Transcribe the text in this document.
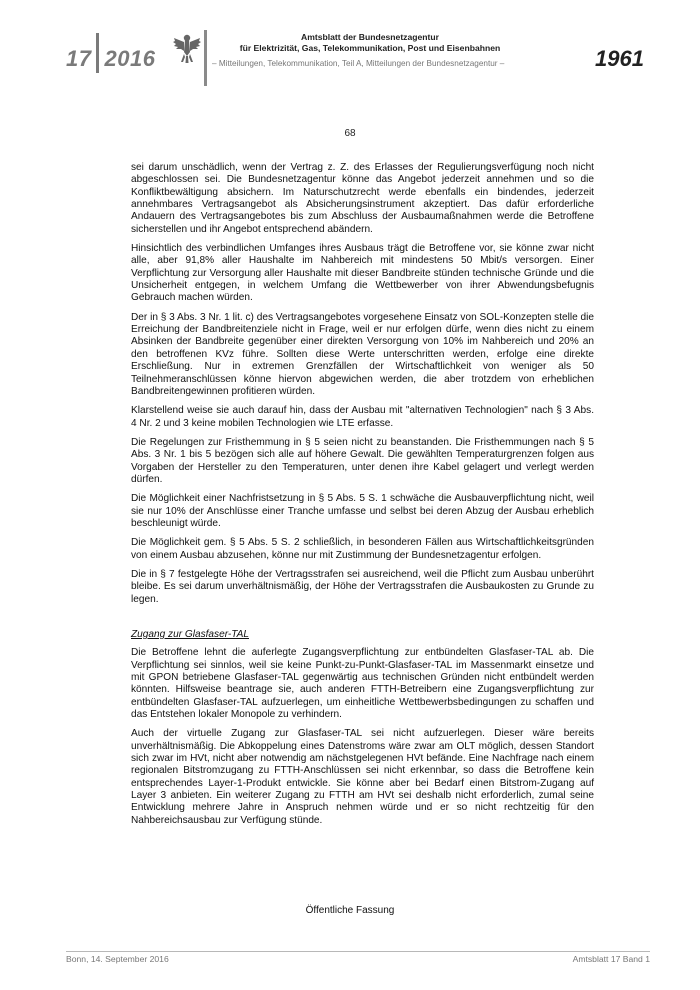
17 2016
Amtsblatt der Bundesnetzagentur
für Elektrizität, Gas, Telekommunikation, Post und Eisenbahnen
– Mitteilungen, Telekommunikation, Teil A, Mitteilungen der Bundesnetzagentur –	1961
68

sei darum unschädlich, wenn der Vertrag z. Z. des Erlasses der Regulierungsverfügung noch nicht abgeschlossen sei. Die Bundesnetzagentur könne das Angebot jederzeit annehmen und so die Konfliktbewältigung absichern. Im Naturschutzrecht werde ebenfalls ein bindendes, jederzeit annehmbares Vertragsangebot als Absicherungsinstrument akzeptiert. Das dafür erforderliche Andauern des Vertragsangebotes bis zum Abschluss der Ausbaumaßnahmen werde die Betroffene sicherstellen und ihr Angebot entsprechend abändern.

Hinsichtlich des verbindlichen Umfanges ihres Ausbaus trägt die Betroffene vor, sie könne zwar nicht alle, aber 91,8% aller Haushalte im Nahbereich mit mindestens 50 Mbit/s versorgen. Einer Verpflichtung zur Versorgung aller Haushalte mit dieser Bandbreite stünden technische Gründe und die Unsicherheit entgegen, in welchem Umfang die Wettbewerber von ihrer Abwendungsbefugnis Gebrauch machen würden.

Der in § 3 Abs. 3 Nr. 1 lit. c) des Vertragsangebotes vorgesehene Einsatz von SOL-Konzepten stelle die Erreichung der Bandbreitenziele nicht in Frage, weil er nur erfolgen dürfe, wenn dies nicht zu einem Absinken der Bandbreite gegenüber einer direkten Versorgung von 10% im Nahbereich und 20% an den betroffenen KVz führe. Sollten diese Werte unterschritten werden, erfolge eine direkte Erschließung. Nur in extremen Grenzfällen der Wirtschaftlichkeit von weniger als 50 Teilnehmeranschlüssen könne hiervon abgewichen werden, die aber trotzdem von erheblichen Bandbreitengewinnen profitieren würden.

Klarstellend weise sie auch darauf hin, dass der Ausbau mit "alternativen Technologien" nach § 3 Abs. 4 Nr. 2 und 3 keine mobilen Technologien wie LTE erfasse.

Die Regelungen zur Fristhemmung in § 5 seien nicht zu beanstanden. Die Fristhemmungen nach § 5 Abs. 3 Nr. 1 bis 5 bezögen sich alle auf höhere Gewalt. Die gewählten Temperaturgrenzen folgen aus Vorgaben der Hersteller zu den Temperaturen, unter denen ihre Kabel gelagert und verlegt werden dürfen.

Die Möglichkeit einer Nachfristsetzung in § 5 Abs. 5 S. 1 schwäche die Ausbauverpflichtung nicht, weil sie nur 10% der Anschlüsse einer Tranche umfasse und selbst bei deren Abzug der Ausbau erheblich beschleunigt würde.

Die Möglichkeit gem. § 5 Abs. 5 S. 2 schließlich, in besonderen Fällen aus Wirtschaftlichkeitsgründen von einem Ausbau abzusehen, könne nur mit Zustimmung der Bundesnetzagentur erfolgen.

Die in § 7 festgelegte Höhe der Vertragsstrafen sei ausreichend, weil die Pflicht zum Ausbau unberührt bleibe. Es sei darum unverhältnismäßig, der Höhe der Vertragsstrafen die Ausbaukosten zu Grunde zu legen.

Zugang zur Glasfaser-TAL

Die Betroffene lehnt die auferlegte Zugangsverpflichtung zur entbündelten Glasfaser-TAL ab. Die Verpflichtung sei sinnlos, weil sie keine Punkt-zu-Punkt-Glasfaser-TAL im Massenmarkt einsetze und mit GPON betriebene Glasfaser-TAL gegenwärtig aus technischen Gründen nicht entbündelt werden könnten. Hilfsweise beantrage sie, auch anderen FTTH-Betreibern eine Zugangsverpflichtung zur entbündelten Glasfaser-TAL aufzuerlegen, um einheitliche Wettbewerbsbedingungen zu schaffen und das Entstehen lokaler Monopole zu verhindern.

Auch der virtuelle Zugang zur Glasfaser-TAL sei nicht aufzuerlegen. Dieser wäre bereits unverhältnismäßig. Die Abkoppelung eines Datenstroms wäre zwar am OLT möglich, dessen Standort sich zwar im HVt, nicht aber notwendig am nächstgelegenen HVt befände. Eine Nachfrage nach einem regionalen Bitstromzugang zu FTTH-Anschlüssen sei nicht erkennbar, so dass die Betroffene kein entsprechendes Layer-1-Produkt entwickle. Sie könne aber bei Bedarf einen Bitstrom-Zugang auf Layer 3 anbieten. Ein weiterer Zugang zu FTTH am HVt sei deshalb nicht erforderlich, zumal seine Entwicklung mehrere Jahre in Anspruch nehmen würde und er so nicht rechtzeitig für den Nahbereichsausbau zur Verfügung stünde.

Öffentliche Fassung
Bonn, 14. September 2016	Amtsblatt 17 Band 1
